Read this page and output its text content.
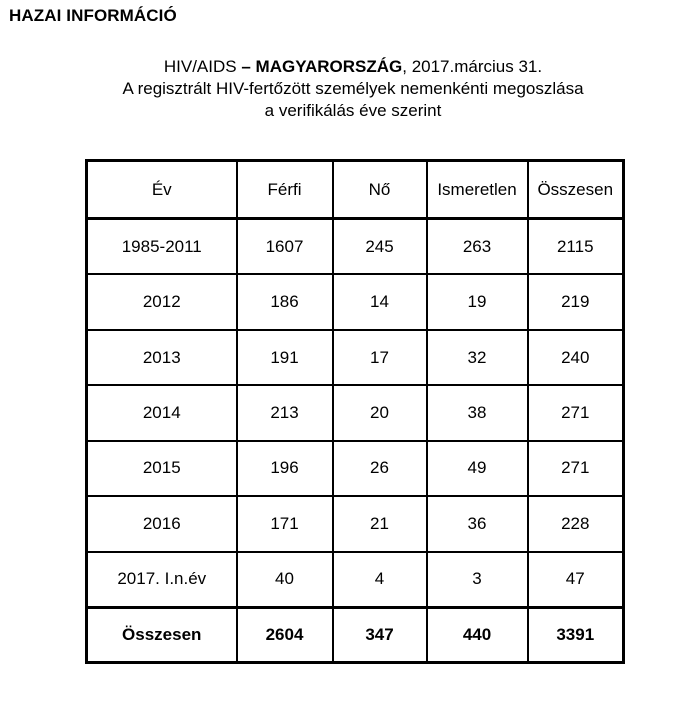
HAZAI INFORMÁCIÓ
HIV/AIDS – MAGYARORSZÁG, 2017.március 31.
A regisztrált HIV-fertőzött személyek nemenkénti megoszlása
a verifikálás éve szerint
Év	Férfi	Nő	Ismeretlen	Összesen
1985-2011	1607	245	263	2115
2012	186	14	19	219
2013	191	17	32	240
2014	213	20	38	271
2015	196	26	49	271
2016	171	21	36	228
2017. I.n.év	40	4	3	47
Összesen	2604	347	440	3391
